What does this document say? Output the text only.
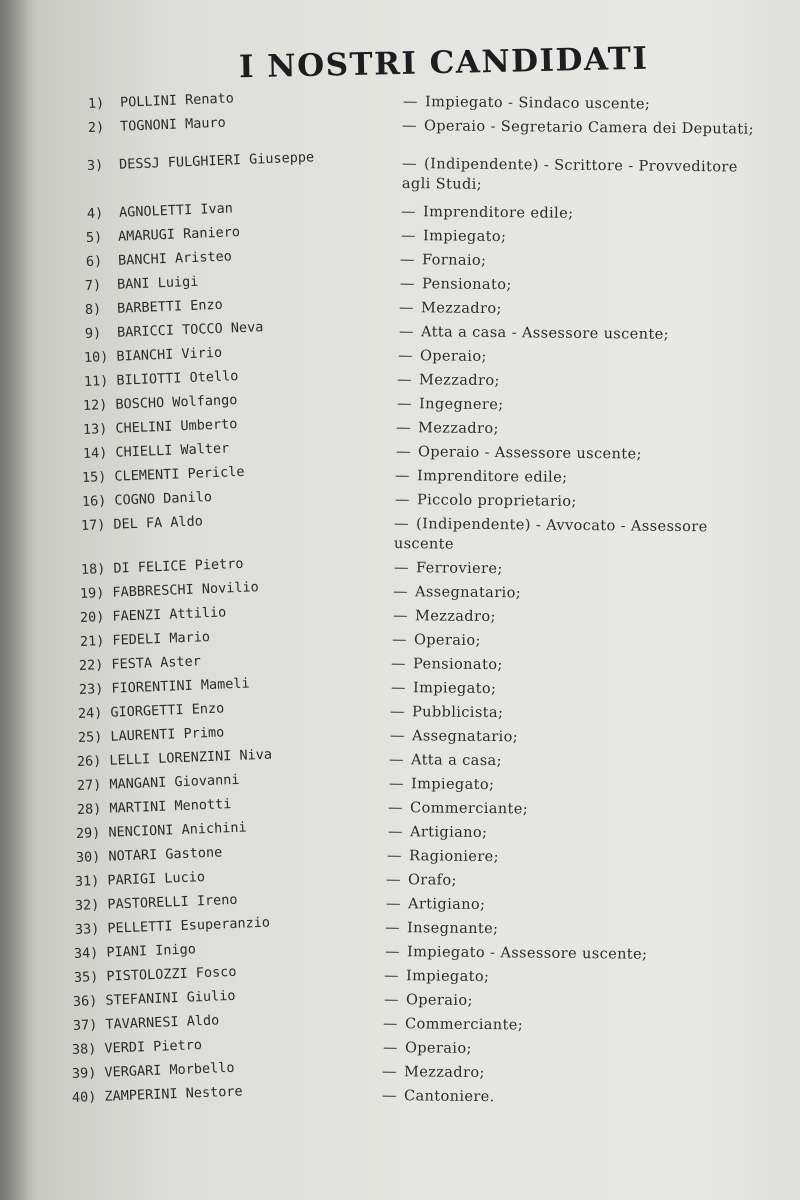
I NOSTRI CANDIDATI
1) POLLINI Renato	— Impiegato - Sindaco uscente;
2) TOGNONI Mauro	— Operaio - Segretario Camera dei Deputati;
3) DESSJ FULGHIERI Giuseppe	— (Indipendente) - Scrittore - Provveditore agli Studi;
4) AGNOLETTI Ivan	— Imprenditore edile;
5) AMARUGI Raniero	— Impiegato;
6) BANCHI Aristeo	— Fornaio;
7) BANI Luigi	— Pensionato;
8) BARBETTI Enzo	— Mezzadro;
9) BARICCI TOCCO Neva	— Atta a casa - Assessore uscente;
10) BIANCHI Virio	— Operaio;
11) BILIOTTI Otello	— Mezzadro;
12) BOSCHO Wolfango	— Ingegnere;
13) CHELINI Umberto	— Mezzadro;
14) CHIELLI Walter	— Operaio - Assessore uscente;
15) CLEMENTI Pericle	— Imprenditore edile;
16) COGNO Danilo	— Piccolo proprietario;
17) DEL FA Aldo	— (Indipendente) - Avvocato - Assessore uscente
18) DI FELICE Pietro	— Ferroviere;
19) FABBRESCHI Novilio	— Assegnatario;
20) FAENZI Attilio	— Mezzadro;
21) FEDELI Mario	— Operaio;
22) FESTA Aster	— Pensionato;
23) FIORENTINI Mameli	— Impiegato;
24) GIORGETTI Enzo	— Pubblicista;
25) LAURENTI Primo	— Assegnatario;
26) LELLI LORENZINI Niva	— Atta a casa;
27) MANGANI Giovanni	— Impiegato;
28) MARTINI Menotti	— Commerciante;
29) NENCIONI Anichini	— Artigiano;
30) NOTARI Gastone	— Ragioniere;
31) PARIGI Lucio	— Orafo;
32) PASTORELLI Ireno	— Artigiano;
33) PELLETTI Esuperanzio	— Insegnante;
34) PIANI Inigo	— Impiegato - Assessore uscente;
35) PISTOLOZZI Fosco	— Impiegato;
36) STEFANINI Giulio	— Operaio;
37) TAVARNESI Aldo	— Commerciante;
38) VERDI Pietro	— Operaio;
39) VERGARI Morbello	— Mezzadro;
40) ZAMPERINI Nestore	— Cantoniere.
